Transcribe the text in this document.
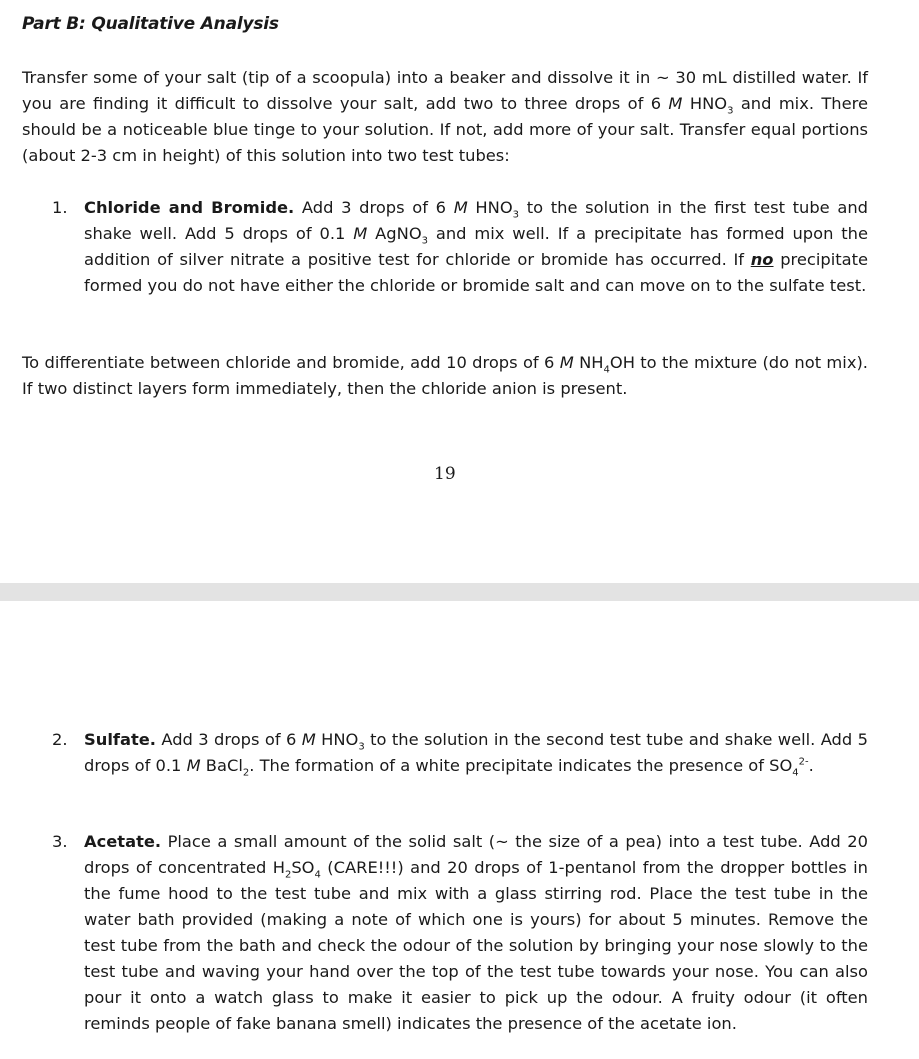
Part B: Qualitative Analysis

Transfer some of your salt (tip of a scoopula) into a beaker and dissolve it in ~ 30 mL distilled water. If you are finding it difficult to dissolve your salt, add two to three drops of 6 M $HNO_3$ and mix. There should be a noticeable blue tinge to your solution. If not, add more of your salt. Transfer equal portions (about 2-3 cm in height) of this solution into two test tubes:

1. Chloride and Bromide. Add 3 drops of 6 M $HNO_3$ to the solution in the first test tube and shake well. Add 5 drops of 0.1 M AgNO$_3$ and mix well. If a precipitate has formed upon the addition of silver nitrate a positive test for chloride or bromide has occurred. If no precipitate formed you do not have either the chloride or bromide salt and can move on to the sulfate test.

To differentiate between chloride and bromide, add 10 drops of 6 M $NH_4OH$ to the mixture (do not mix). If two distinct layers form immediately, then the chloride anion is present.

19
2. Sulfate. Add 3 drops of 6 M $HNO_3$ to the solution in the second test tube and shake well. Add 5 drops of 0.1 M BaCl$_2$. The formation of a white precipitate indicates the presence of $SO_4^{2-}$.
3. Acetate. Place a small amount of the solid salt (~ the size of a pea) into a test tube. Add 20 drops of concentrated $H_2SO_4$ (CARE!!!) and 20 drops of 1-pentanol from the dropper bottles in the fume hood to the test tube and mix with a glass stirring rod. Place the test tube in the water bath provided (making a note of which one is yours) for about 5 minutes. Remove the test tube from the bath and check the odour of the solution by bringing your nose slowly to the test tube and waving your hand over the top of the test tube towards your nose. You can also pour it onto a watch glass to make it easier to pick up the odour. A fruity odour (it often reminds people of fake banana smell) indicates the presence of the acetate ion.
